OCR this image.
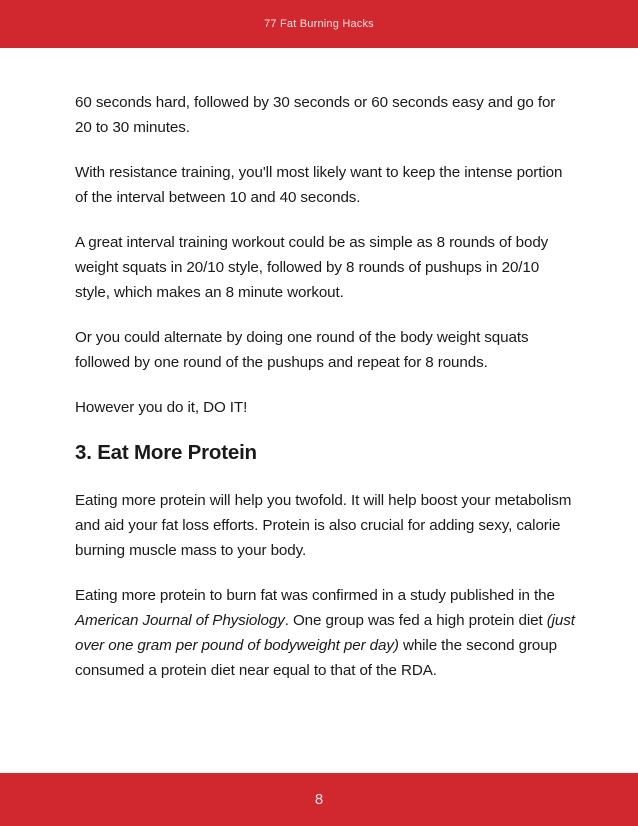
77 Fat Burning Hacks

60 seconds hard, followed by 30 seconds or 60 seconds easy and go for 20 to 30 minutes.

With resistance training, you'll most likely want to keep the intense portion of the interval between 10 and 40 seconds.

A great interval training workout could be as simple as 8 rounds of body weight squats in 20/10 style, followed by 8 rounds of pushups in 20/10 style, which makes an 8 minute workout.

Or you could alternate by doing one round of the body weight squats followed by one round of the pushups and repeat for 8 rounds.

However you do it, DO IT!

3. Eat More Protein

Eating more protein will help you twofold. It will help boost your metabolism and aid your fat loss efforts. Protein is also crucial for adding sexy, calorie burning muscle mass to your body.

Eating more protein to burn fat was confirmed in a study published in the American Journal of Physiology. One group was fed a high protein diet (just over one gram per pound of bodyweight per day) while the second group consumed a protein diet near equal to that of the RDA.

8
